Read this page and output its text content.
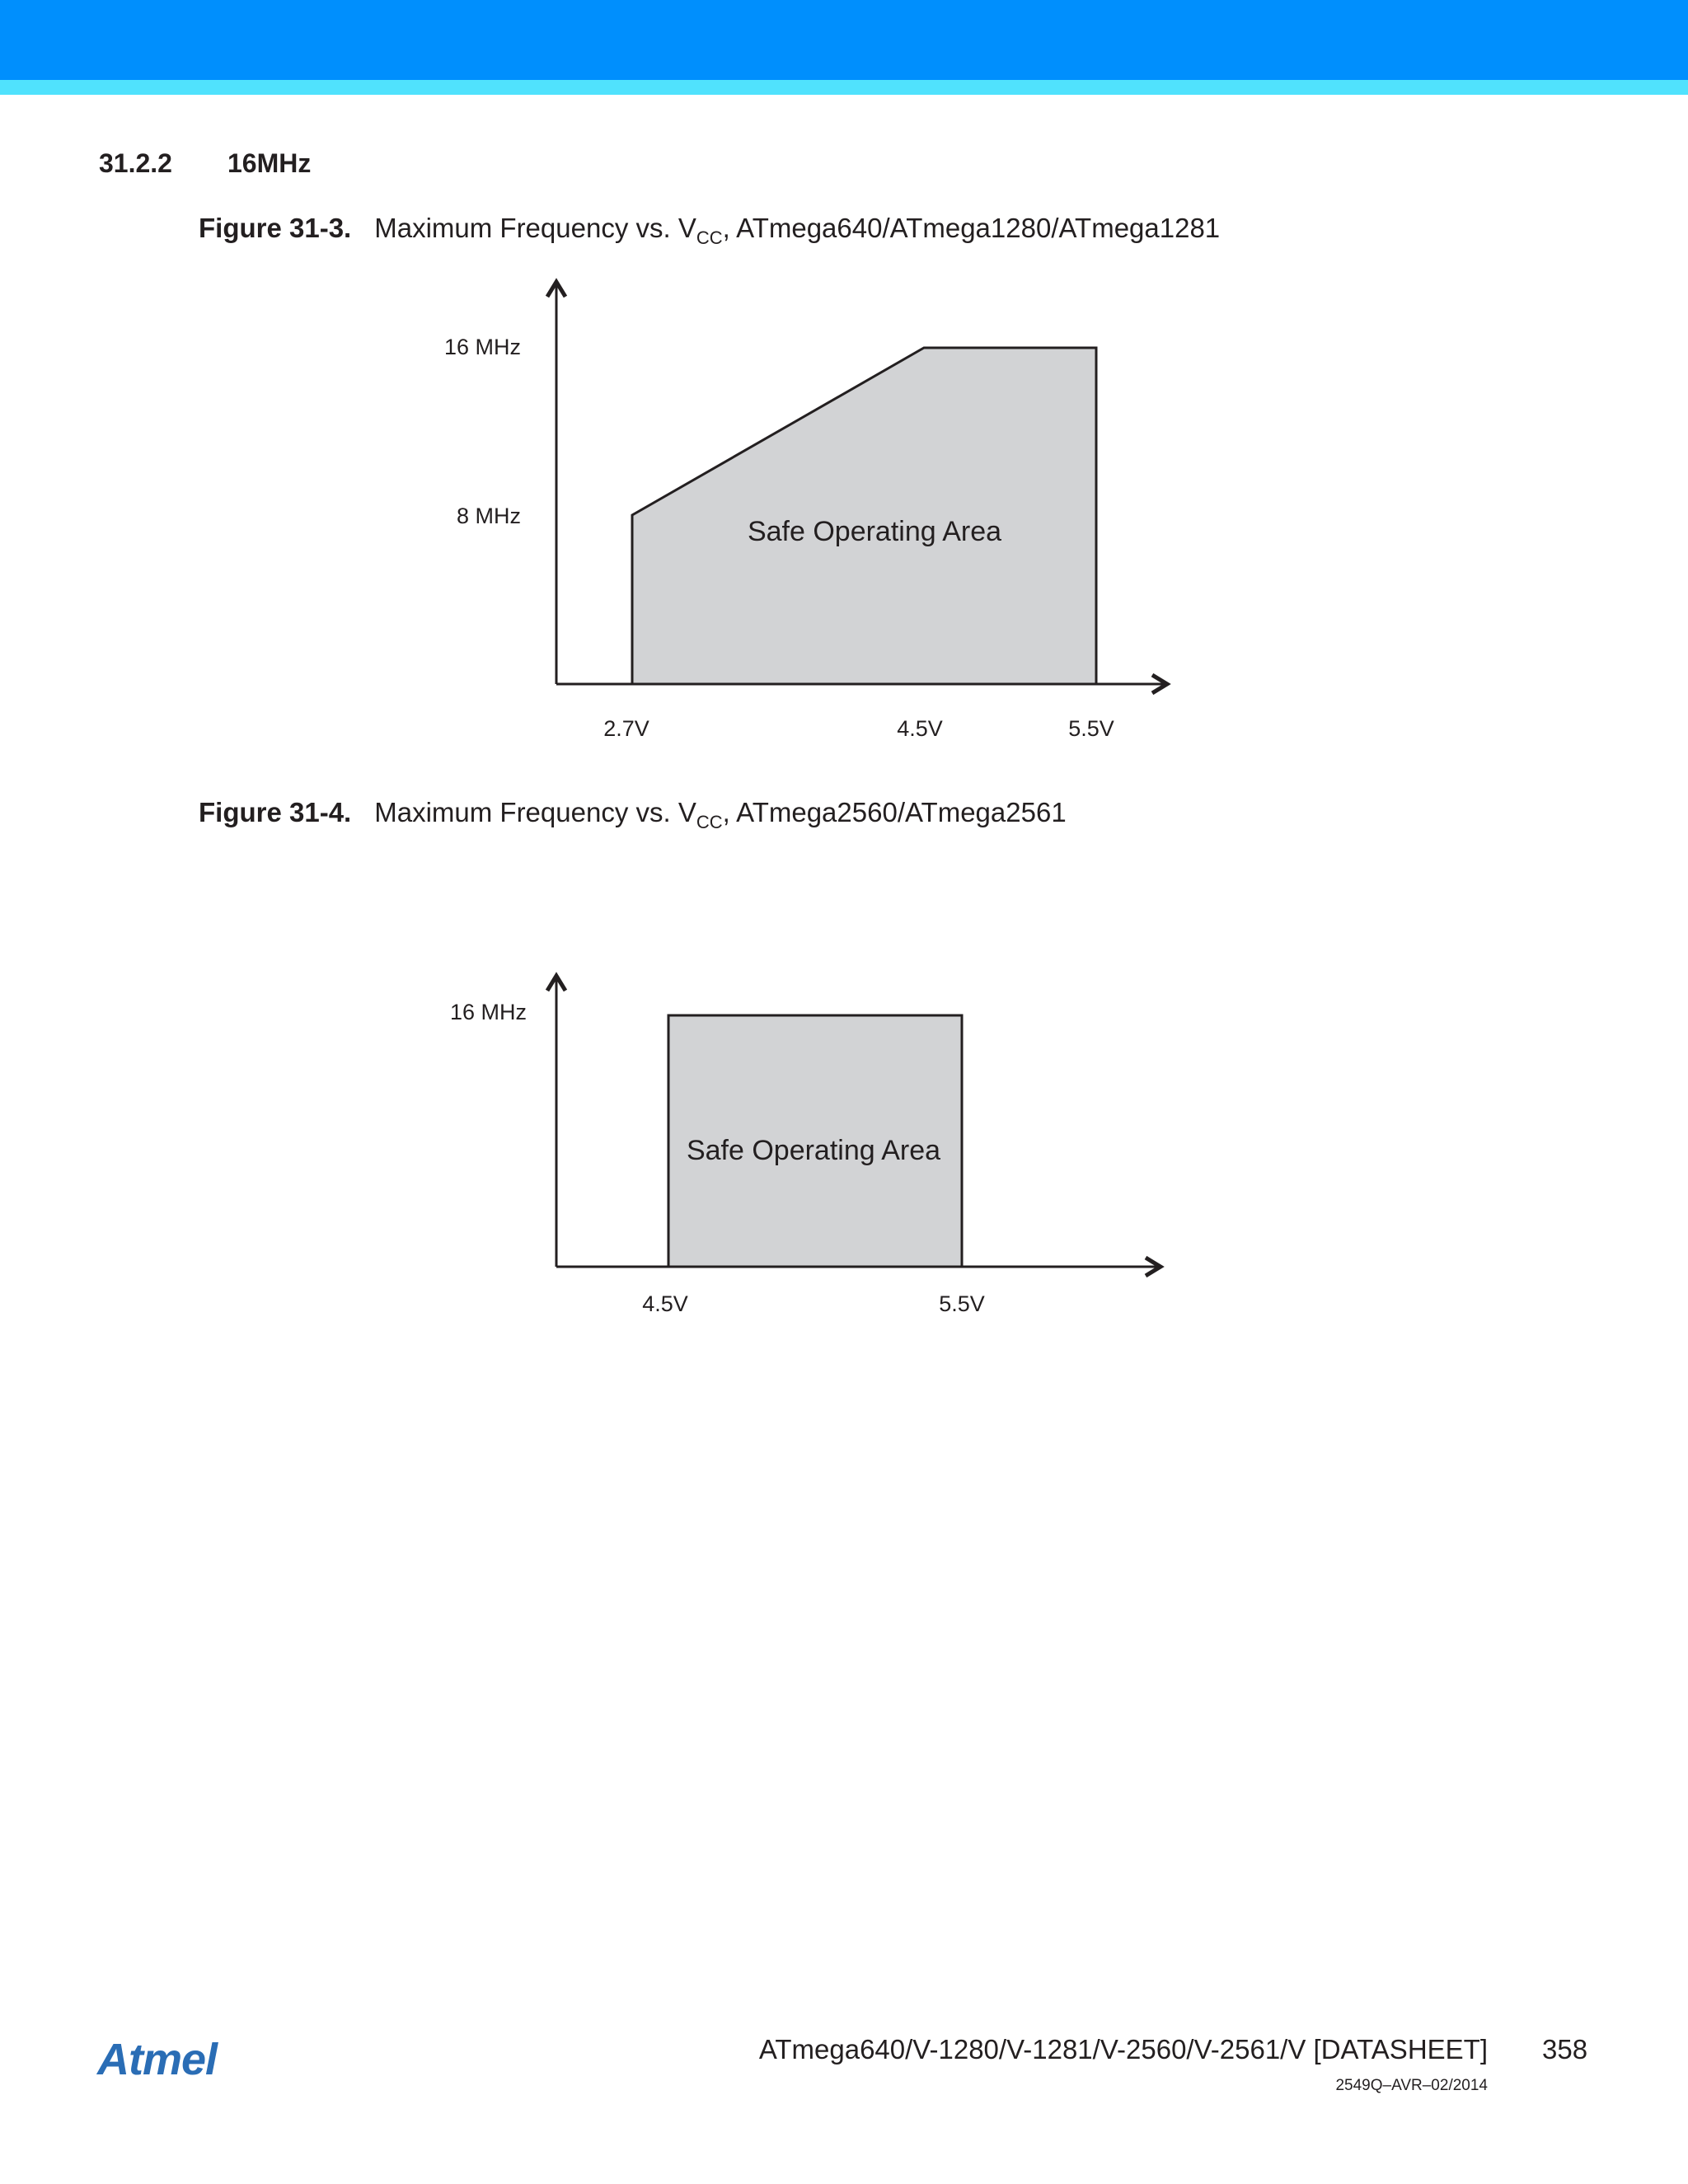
31.2.2 16MHz
Figure 31-3. Maximum Frequency vs. $V_{CC}$, ATmega640/ATmega1280/ATmega1281
16 MHz
8 MHz
2.7V	4.5V	5.5V
Safe Operating Area
Figure 31-4. Maximum Frequency vs. $V_{CC}$, ATmega2560/ATmega2561
16 MHz
4.5V	5.5V
Safe Operating Area
Atmel	ATmega640/V-1280/V-1281/V-2560/V-2561/V [DATASHEET] 358
2549Q–AVR–02/2014
